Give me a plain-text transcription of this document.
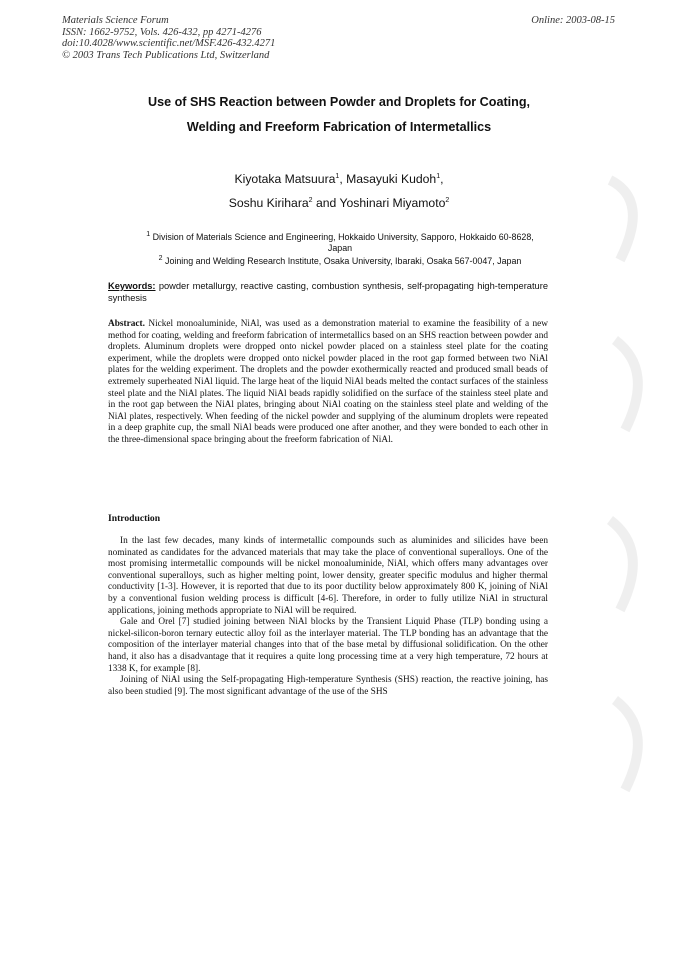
Materials Science Forum
ISSN: 1662-9752, Vols. 426-432, pp 4271-4276
doi:10.4028/www.scientific.net/MSF.426-432.4271
© 2003 Trans Tech Publications Ltd, Switzerland
Online: 2003-08-15
Use of SHS Reaction between Powder and Droplets for Coating,
Welding and Freeform Fabrication of Intermetallics
Kiyotaka Matsuura$^1$, Masayuki Kudoh$^1$,
Soshu Kirihara$^2$ and Yoshinari Miyamoto$^2$
$^1$ Division of Materials Science and Engineering, Hokkaido University, Sapporo, Hokkaido 60-8628,
Japan
$^2$ Joining and Welding Research Institute, Osaka University, Ibaraki, Osaka 567-0047, Japan
Keywords: powder metallurgy, reactive casting, combustion synthesis, self-propagating high-temperature synthesis
Abstract. Nickel monoaluminide, NiAl, was used as a demonstration material to examine the feasibility of a new method for coating, welding and freeform fabrication of intermetallics based on an SHS reaction between powder and droplets. Aluminum droplets were dropped onto nickel powder placed on a stainless steel plate for the coating experiment, while the droplets were dropped onto nickel powder placed in the root gap formed between two NiAl plates for the welding experiment. The droplets and the powder exothermically reacted and produced small beads of extremely superheated NiAl liquid. The large heat of the liquid NiAl beads melted the contact surfaces of the stainless steel plate and the NiAl plates. The liquid NiAl beads rapidly solidified on the surface of the stainless steel plate and in the root gap between the NiAl plates, bringing about NiAl coating on the stainless steel plate and welding of the NiAl plates, respectively. When feeding of the nickel powder and supplying of the aluminum droplets were repeated in a deep graphite cup, the small NiAl beads were produced one after another, and they were bonded to each other in the three-dimensional space bringing about the freeform fabrication of NiAl.
Introduction
In the last few decades, many kinds of intermetallic compounds such as aluminides and silicides have been nominated as candidates for the advanced materials that may take the place of conventional superalloys. One of the most promising intermetallic compounds will be nickel monoaluminide, NiAl, which offers many advantages over conventional superalloys, such as higher melting point, lower density, greater specific modulus and higher thermal conductivity [1-3]. However, it is reported that due to its poor ductility below approximately 800 K, joining of NiAl by a conventional fusion welding process is difficult [4-6]. Therefore, in order to fully utilize NiAl in structural applications, joining methods appropriate to NiAl will be required.
Gale and Orel [7] studied joining between NiAl blocks by the Transient Liquid Phase (TLP) bonding using a nickel-silicon-boron ternary eutectic alloy foil as the interlayer material. The TLP bonding has an advantage that the composition of the interlayer material changes into that of the base metal by diffusional solidification. On the other hand, it also has a disadvantage that it requires a quite long processing time at a very high temperature, 72 hours at 1338 K, for example [8].
Joining of NiAl using the Self-propagating High-temperature Synthesis (SHS) reaction, the reactive joining, has also been studied [9]. The most significant advantage of the use of the SHS
